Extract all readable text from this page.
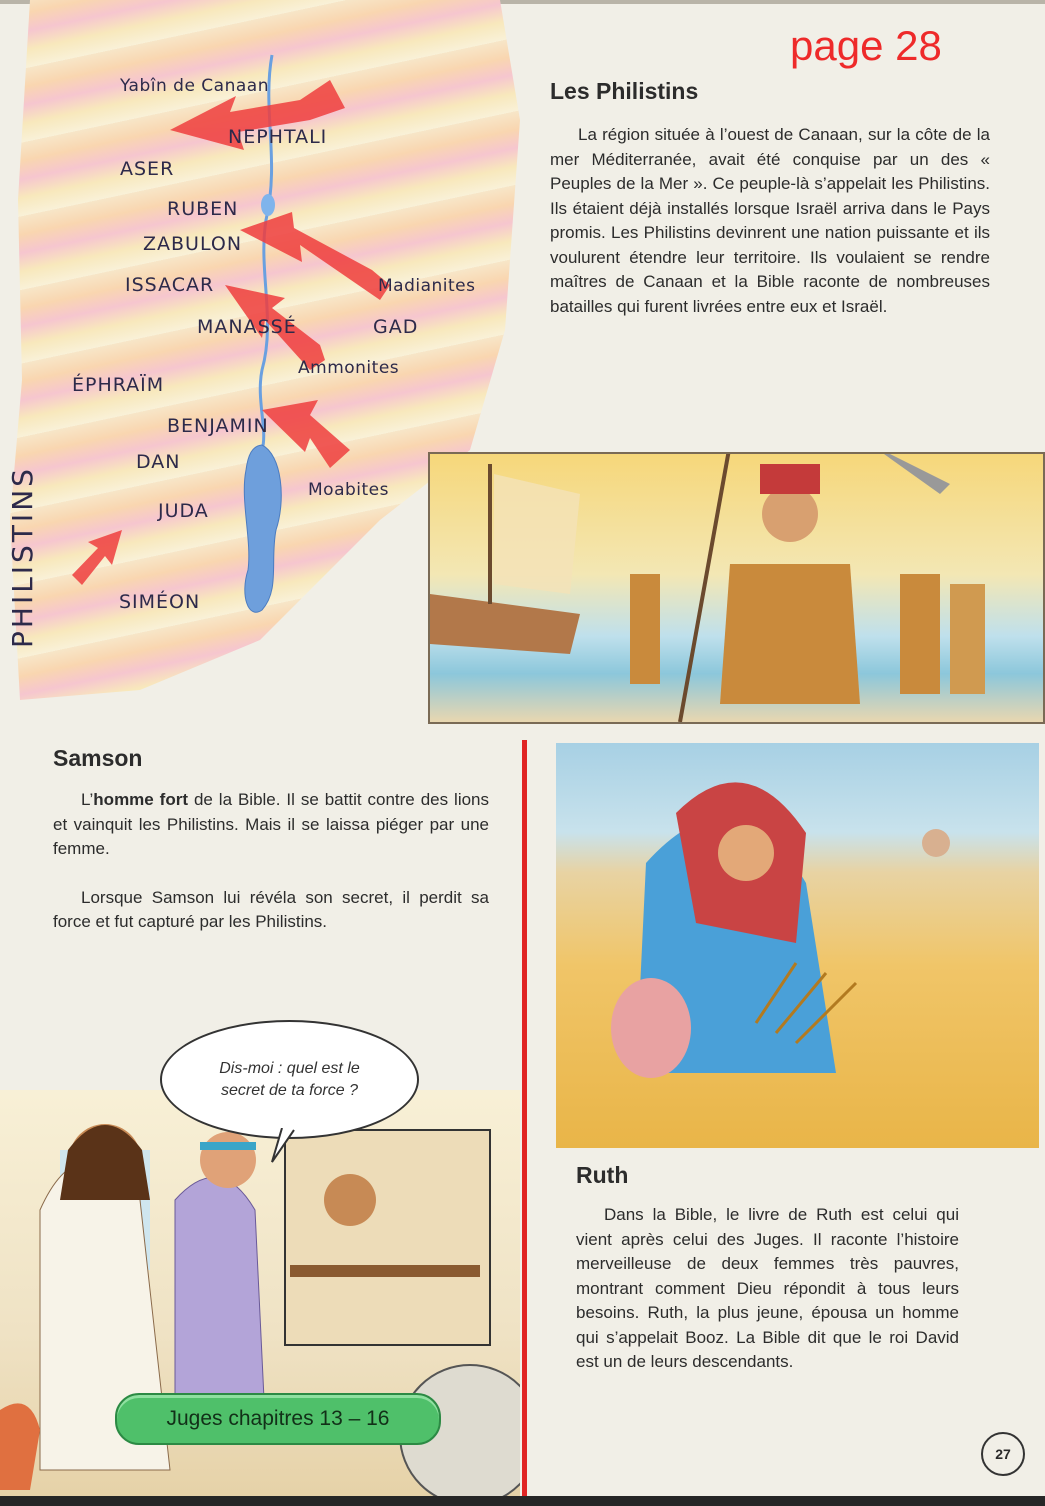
Yabîn de Canaan
NEPHTALI
ASER
RUBEN
ZABULON
ISSACAR	Madianites
MANASSÉ	GAD
Ammonites
ÉPHRAÏM
BENJAMIN
DAN
Moabites
JUDA
SIMÉON
PHILISTINS
page 28
Les Philistins

La région située à l’ouest de Canaan, sur la côte de la mer Méditerranée, avait été conquise par un des « Peuples de la Mer ». Ce peuple-là s’appelait les Philistins. Ils étaient déjà installés lorsque Israël arriva dans le Pays promis. Les Philistins devinrent une nation puissante et ils voulurent étendre leur territoire. Ils voulaient se rendre maîtres de Canaan et la Bible raconte de nombreuses batailles qui furent livrées entre eux et Israël.

Samson

L’homme fort de la Bible. Il se battit contre des lions et vainquit les Philistins. Mais il se laissa piéger par une femme.

Lorsque Samson lui révéla son secret, il perdit sa force et fut capturé par les Philistins.

Dis-moi : quel est le secret de ta force ?
Juges chapitres 13 – 16
Ruth

Dans la Bible, le livre de Ruth est celui qui vient après celui des Juges. Il raconte l’histoire merveilleuse de deux femmes très pauvres, montrant comment Dieu répondit à tous leurs besoins. Ruth, la plus jeune, épousa un homme qui s’appelait Booz. La Bible dit que le roi David est un de leurs descendants.

27
